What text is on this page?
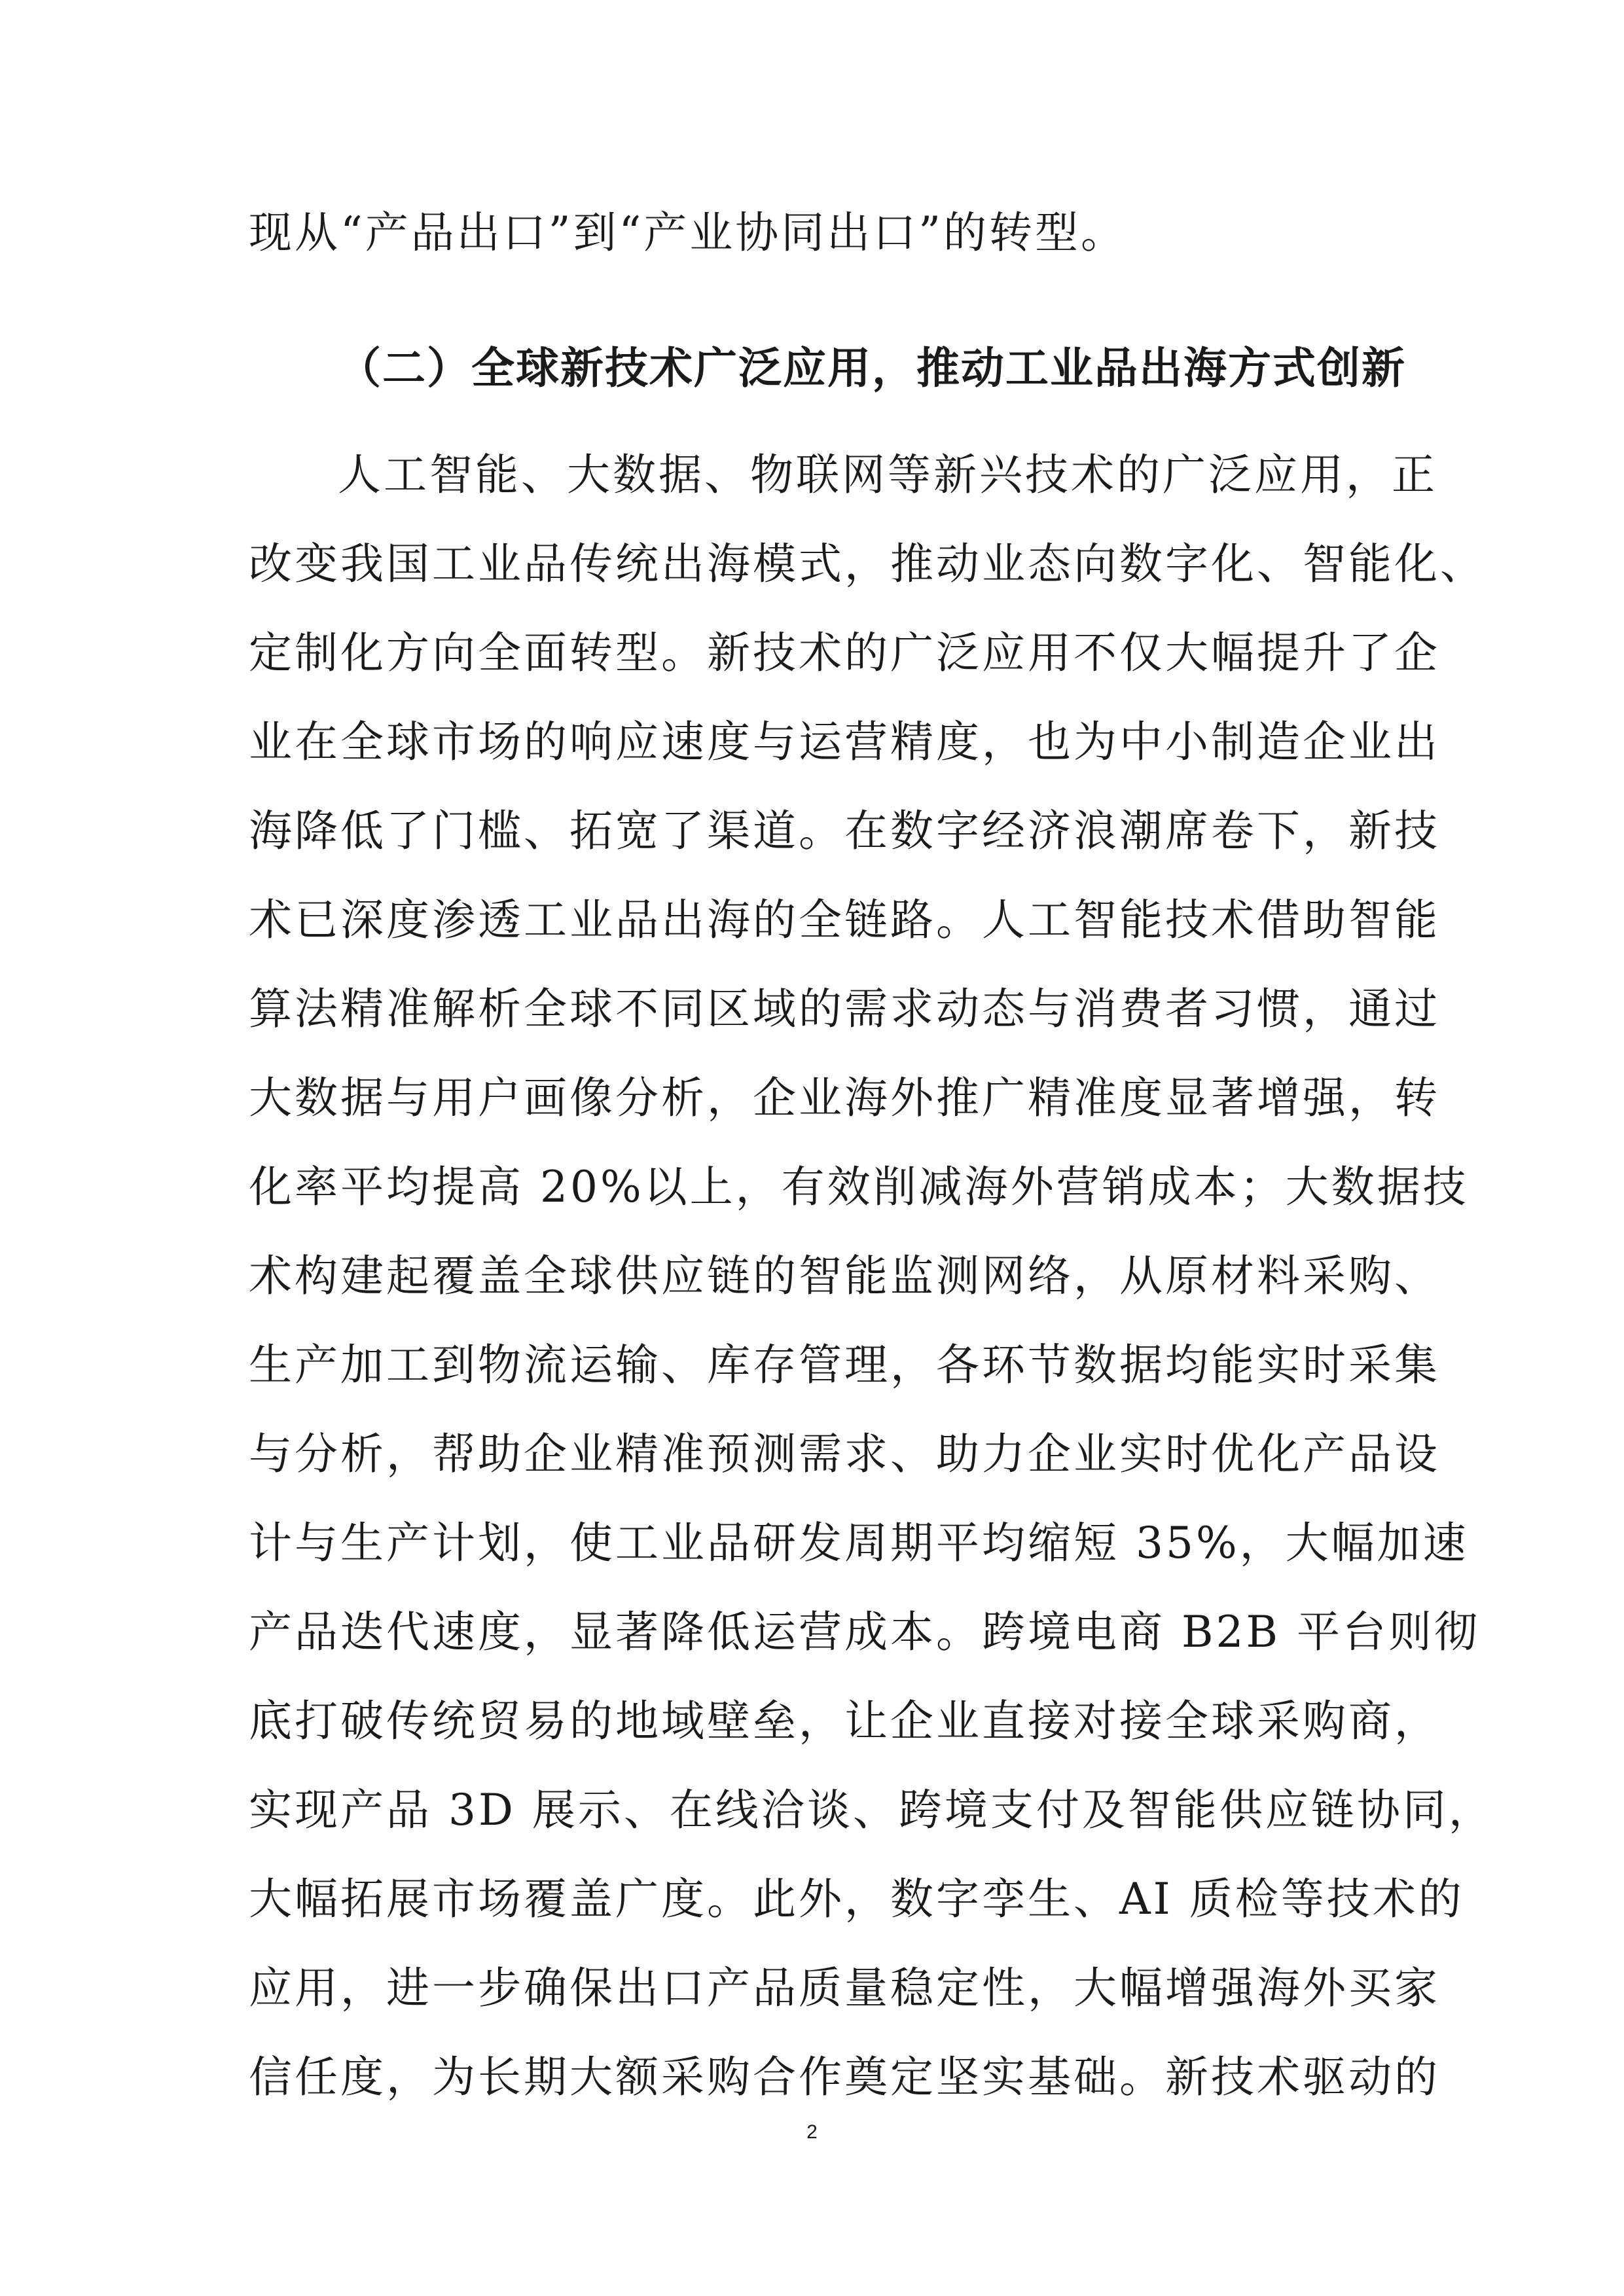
现从“产品出口”到“产业协同出口”的转型。
（二）全球新技术广泛应用，推动工业品出海方式创新
人工智能、大数据、物联网等新兴技术的广泛应用，正
改变我国工业品传统出海模式，推动业态向数字化、智能化、
定制化方向全面转型。新技术的广泛应用不仅大幅提升了企
业在全球市场的响应速度与运营精度，也为中小制造企业出
海降低了门槛、拓宽了渠道。在数字经济浪潮席卷下，新技
术已深度渗透工业品出海的全链路。人工智能技术借助智能
算法精准解析全球不同区域的需求动态与消费者习惯，通过
大数据与用户画像分析，企业海外推广精准度显著增强，转
化率平均提高 20%以上，有效削减海外营销成本；大数据技
术构建起覆盖全球供应链的智能监测网络，从原材料采购、
生产加工到物流运输、库存管理，各环节数据均能实时采集
与分析，帮助企业精准预测需求、助力企业实时优化产品设
计与生产计划，使工业品研发周期平均缩短 35%，大幅加速
产品迭代速度，显著降低运营成本。跨境电商 B2B 平台则彻
底打破传统贸易的地域壁垒，让企业直接对接全球采购商，
实现产品 3D 展示、在线洽谈、跨境支付及智能供应链协同，
大幅拓展市场覆盖广度。此外，数字孪生、AI 质检等技术的
应用，进一步确保出口产品质量稳定性，大幅增强海外买家
信任度，为长期大额采购合作奠定坚实基础。新技术驱动的
2
